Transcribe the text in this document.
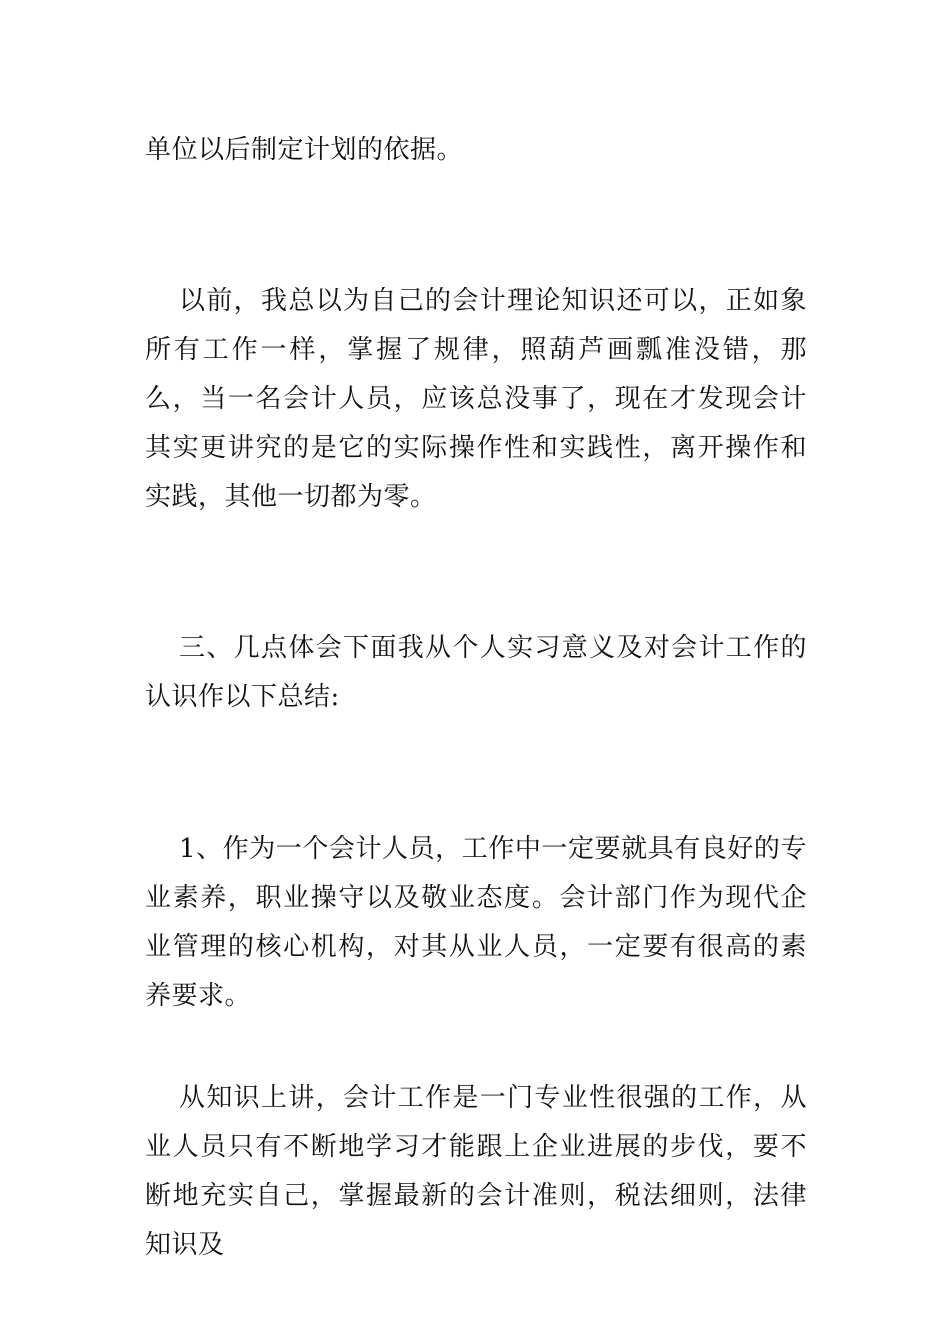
单位以后制定计划的依据。

以前，我总以为自己的会计理论知识还可以，正如象所有工作一样，掌握了规律，照葫芦画瓢准没错，那么，当一名会计人员，应该总没事了，现在才发现会计其实更讲究的是它的实际操作性和实践性，离开操作和实践，其他一切都为零。

三、几点体会下面我从个人实习意义及对会计工作的认识作以下总结:

1、作为一个会计人员，工作中一定要就具有良好的专业素养，职业操守以及敬业态度。会计部门作为现代企业管理的核心机构，对其从业人员，一定要有很高的素养要求。

从知识上讲，会计工作是一门专业性很强的工作，从业人员只有不断地学习才能跟上企业进展的步伐，要不断地充实自己，掌握最新的会计准则，税法细则，法律知识及
